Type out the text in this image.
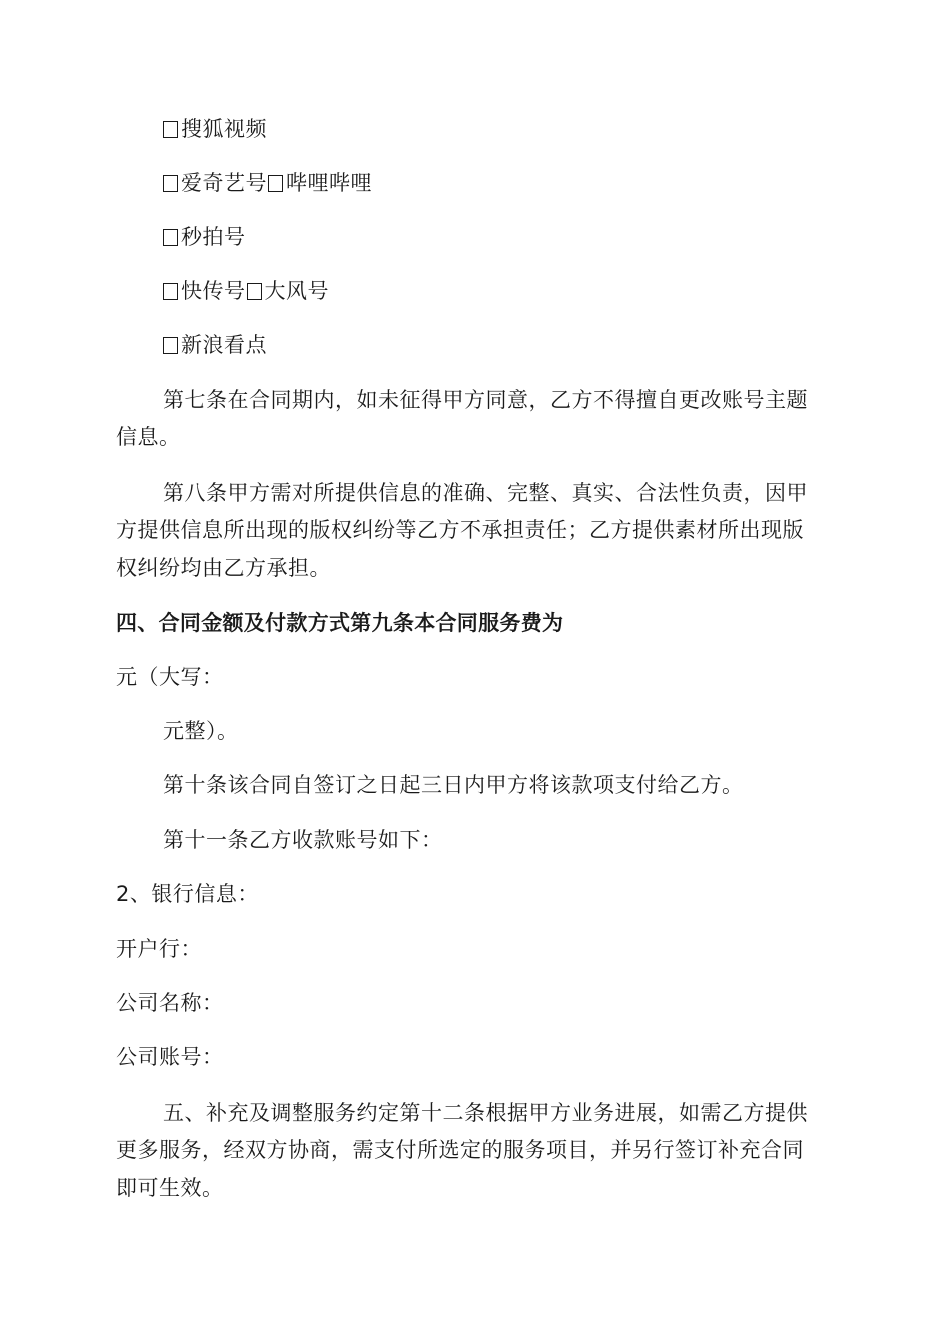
搜狐视频
爱奇艺号 哔哩哔哩
秒拍号
快传号 大风号
新浪看点
第七条在合同期内，如未征得甲方同意，乙方不得擅自更改账号主题
信息。
第八条甲方需对所提供信息的准确、完整、真实、合法性负责，因甲
方提供信息所出现的版权纠纷等乙方不承担责任；乙方提供素材所出现版
权纠纷均由乙方承担。
四、合同金额及付款方式第九条本合同服务费为
元（大写：
元整）。
第十条该合同自签订之日起三日内甲方将该款项支付给乙方。
第十一条乙方收款账号如下：
2、银行信息：
开户行：
公司名称：
公司账号：
五、补充及调整服务约定第十二条根据甲方业务进展，如需乙方提供
更多服务，经双方协商，需支付所选定的服务项目，并另行签订补充合同
即可生效。
